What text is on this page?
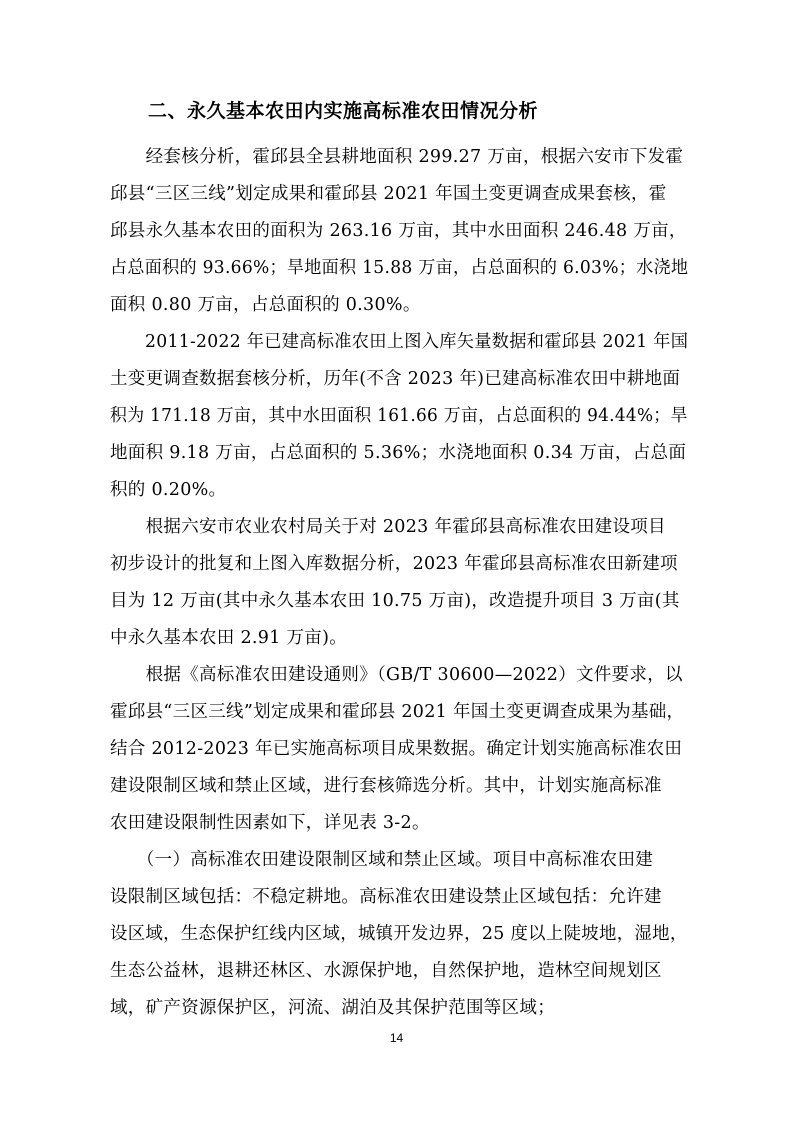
二、永久基本农田内实施高标准农田情况分析
　　经套核分析，霍邱县全县耕地面积 299.27 万亩，根据六安市下发霍
邱县“三区三线”划定成果和霍邱县 2021 年国土变更调查成果套核，霍
邱县永久基本农田的面积为 263.16 万亩，其中水田面积 246.48 万亩，
占总面积的 93.66%；旱地面积 15.88 万亩，占总面积的 6.03%；水浇地
面积 0.80 万亩，占总面积的 0.30%。
　　2011-2022 年已建高标准农田上图入库矢量数据和霍邱县 2021 年国
土变更调查数据套核分析，历年(不含 2023 年)已建高标准农田中耕地面
积为 171.18 万亩，其中水田面积 161.66 万亩，占总面积的 94.44%；旱
地面积 9.18 万亩，占总面积的 5.36%；水浇地面积 0.34 万亩，占总面
积的 0.20%。
　　根据六安市农业农村局关于对 2023 年霍邱县高标准农田建设项目
初步设计的批复和上图入库数据分析，2023 年霍邱县高标准农田新建项
目为 12 万亩(其中永久基本农田 10.75 万亩)，改造提升项目 3 万亩(其
中永久基本农田 2.91 万亩)。
　　根据《高标准农田建设通则》（GB/T 30600—2022）文件要求，以
霍邱县“三区三线”划定成果和霍邱县 2021 年国土变更调查成果为基础，
结合 2012-2023 年已实施高标项目成果数据。确定计划实施高标准农田
建设限制区域和禁止区域，进行套核筛选分析。其中，计划实施高标准
农田建设限制性因素如下，详见表 3-2。
　　（一）高标准农田建设限制区域和禁止区域。项目中高标准农田建
设限制区域包括：不稳定耕地。高标准农田建设禁止区域包括：允许建
设区域，生态保护红线内区域，城镇开发边界，25 度以上陡坡地，湿地，
生态公益林，退耕还林区、水源保护地，自然保护地，造林空间规划区
域，矿产资源保护区，河流、湖泊及其保护范围等区域；
14
